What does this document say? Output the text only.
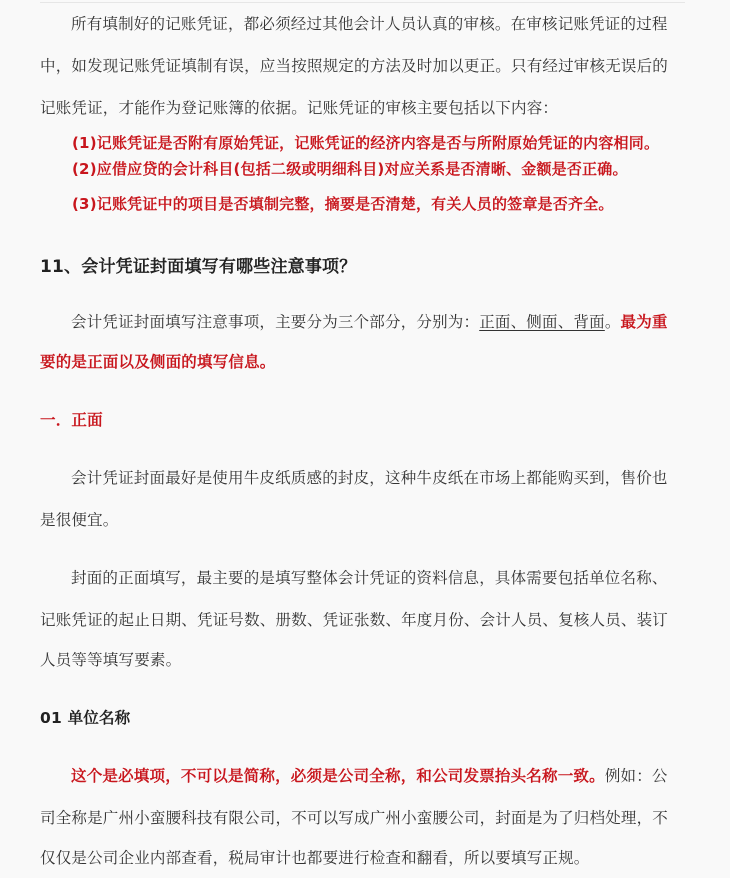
所有填制好的记账凭证，都必须经过其他会计人员认真的审核。在审核记账凭证的过程
中，如发现记账凭证填制有误，应当按照规定的方法及时加以更正。只有经过审核无误后的
记账凭证，才能作为登记账簿的依据。记账凭证的审核主要包括以下内容：
(1)记账凭证是否附有原始凭证，记账凭证的经济内容是否与所附原始凭证的内容相同。
(2)应借应贷的会计科目(包括二级或明细科目)对应关系是否清晰、金额是否正确。
(3)记账凭证中的项目是否填制完整，摘要是否清楚，有关人员的签章是否齐全。
11、会计凭证封面填写有哪些注意事项？
会计凭证封面填写注意事项，主要分为三个部分，分别为：正面、侧面、背面。最为重
要的是正面以及侧面的填写信息。
一．正面
会计凭证封面最好是使用牛皮纸质感的封皮，这种牛皮纸在市场上都能购买到，售价也
是很便宜。
封面的正面填写，最主要的是填写整体会计凭证的资料信息，具体需要包括单位名称、
记账凭证的起止日期、凭证号数、册数、凭证张数、年度月份、会计人员、复核人员、装订
人员等等填写要素。
01 单位名称
这个是必填项，不可以是简称，必须是公司全称，和公司发票抬头名称一致。例如：公
司全称是广州小蛮腰科技有限公司，不可以写成广州小蛮腰公司，封面是为了归档处理，不
仅仅是公司企业内部查看，税局审计也都要进行检查和翻看，所以要填写正规。
